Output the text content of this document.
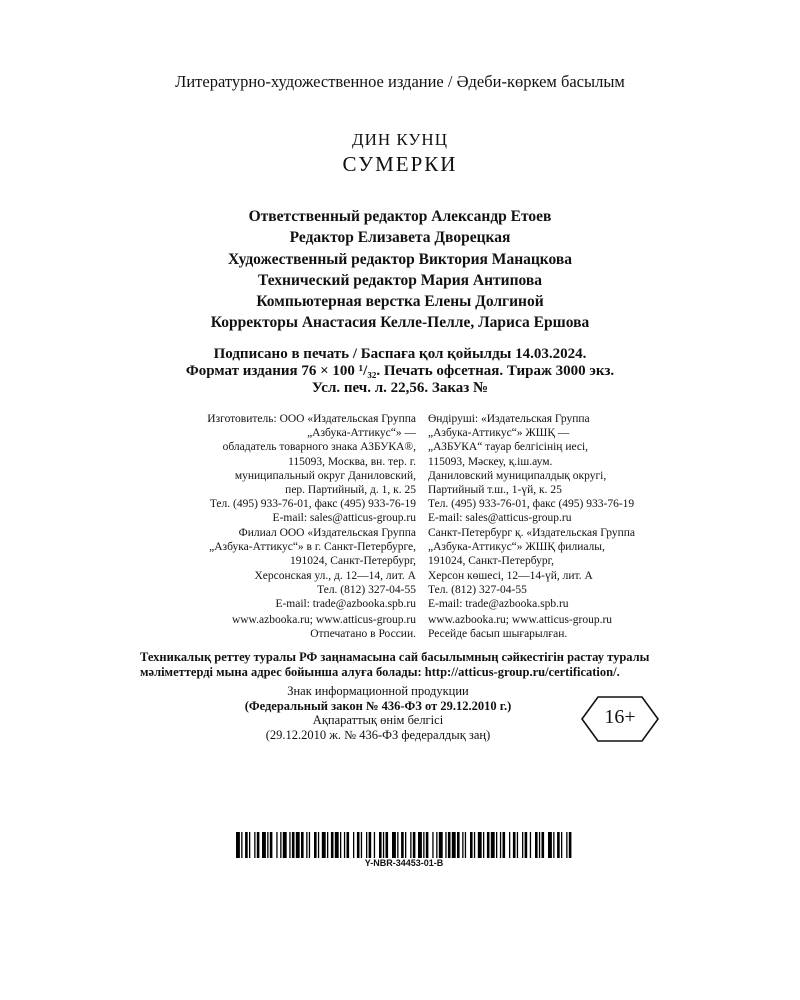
Литературно-художественное издание / Әдеби-көркем басылым
ДИН КУНЦ
СУМЕРКИ
Ответственный редактор Александр Етоев
Редактор Елизавета Дворецкая
Художественный редактор Виктория Манацкова
Технический редактор Мария Антипова
Компьютерная верстка Елены Долгиной
Корректоры Анастасия Келле-Пелле, Лариса Ершова
Подписано в печать / Баспаға қол қойылды 14.03.2024.
Формат издания 76 × 100 ¹/₃₂. Печать офсетная. Тираж 3000 экз.
Усл. печ. л. 22,56. Заказ №
Изготовитель: ООО «Издательская Группа
„Азбука-Аттикус“» —
обладатель товарного знака АЗБУКА®,
115093, Москва, вн. тер. г.
муниципальный округ Даниловский,
пер. Партийный, д. 1, к. 25
Тел. (495) 933-76-01, факс (495) 933-76-19
E-mail: sales@atticus-group.ru
Өндіруші: «Издательская Группа
„Азбука-Аттикус“» ЖШҚ —
„АЗБУКА“ тауар белгісінің иесі,
115093, Мәскеу, қ.іш.аум.
Даниловский муниципалдық округі,
Партийный т.ш., 1-үй, к. 25
Тел. (495) 933-76-01, факс (495) 933-76-19
E-mail: sales@atticus-group.ru
Филиал ООО «Издательская Группа
„Азбука-Аттикус“» в г. Санкт-Петербурге,
191024, Санкт-Петербург,
Херсонская ул., д. 12—14, лит. А
Тел. (812) 327-04-55
E-mail: trade@azbooka.spb.ru
Санкт-Петербург қ. «Издательская Группа
„Азбука-Аттикус“» ЖШҚ филиалы,
191024, Санкт-Петербург,
Херсон көшесі, 12—14-үй, лит. А
Тел. (812) 327-04-55
E-mail: trade@azbooka.spb.ru
www.azbooka.ru; www.atticus-group.ru
Отпечатано в России.
www.azbooka.ru; www.atticus-group.ru
Ресейде басып шығарылған.
Техникалық реттеу туралы РФ заңнамасына сай басылымның сәйкестігін растау туралы
мәліметтерді мына адрес бойынша алуға болады: http://atticus-group.ru/certification/.
Знак информационной продукции
(Федеральный закон № 436-ФЗ от 29.12.2010 г.)
Ақпараттық өнім белгісі
(29.12.2010 ж. № 436-ФЗ федералдық заң)
16+
Y-NBR-34453-01-B
